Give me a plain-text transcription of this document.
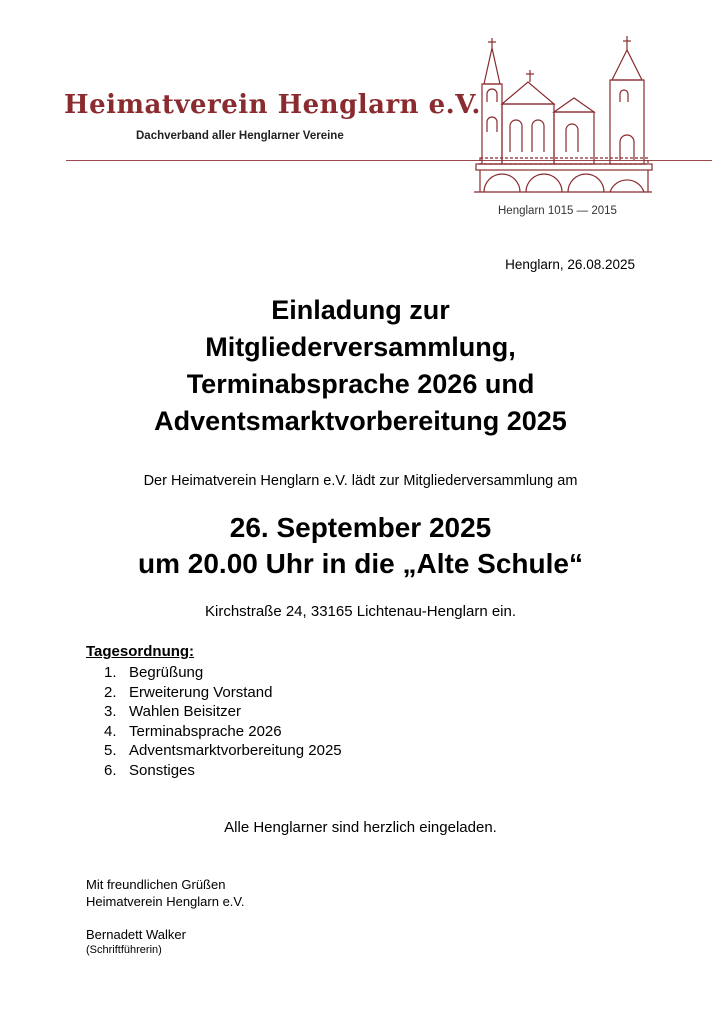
Heimatverein Henglarn e.V.
Dachverband aller Henglarner Vereine
Henglarn 1015 — 2015
Henglarn, 26.08.2025
Einladung zur
Mitgliederversammlung,
Terminabsprache 2026 und
Adventsmarktvorbereitung 2025
Der Heimatverein Henglarn e.V. lädt zur Mitgliederversammlung am
26. September 2025
um 20.00 Uhr in die „Alte Schule“
Kirchstraße 24, 33165 Lichtenau-Henglarn ein.
Tagesordnung:
1. Begrüßung
2. Erweiterung Vorstand
3. Wahlen Beisitzer
4. Terminabsprache 2026
5. Adventsmarktvorbereitung 2025
6. Sonstiges
Alle Henglarner sind herzlich eingeladen.
Mit freundlichen Grüßen
Heimatverein Henglarn e.V.
Bernadett Walker
(Schriftführerin)
